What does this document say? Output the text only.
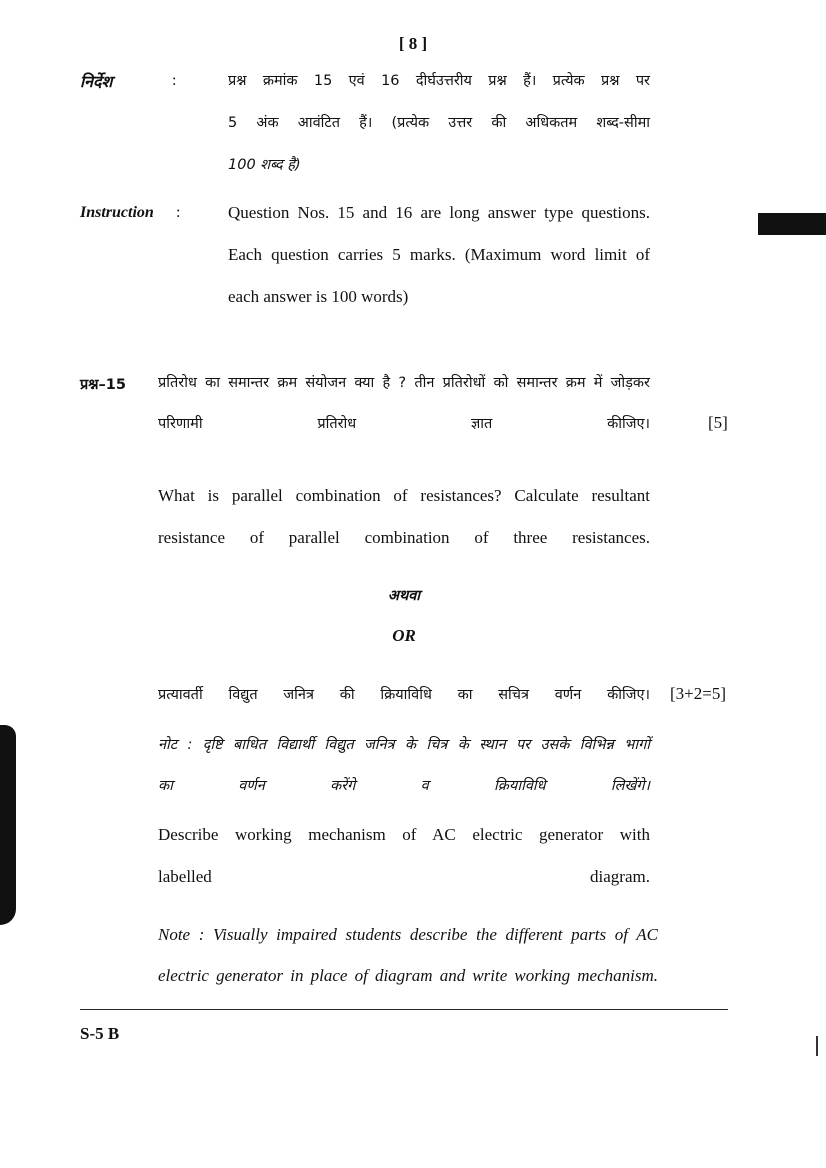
[ 8 ]
निर्देश	:	प्रश्न क्रमांक 15 एवं 16 दीर्घउत्तरीय प्रश्न हैं। प्रत्येक प्रश्न पर
5 अंक आवंटित हैं। (प्रत्येक उत्तर की अधिकतम शब्द-सीमा
100 शब्द है)
Instruction :	Question Nos. 15 and 16 are long answer type questions.
Each question carries 5 marks. (Maximum word limit of
each answer is 100 words)
प्रश्न–15 प्रतिरोध का समान्तर क्रम संयोजन क्या है ? तीन प्रतिरोधों को समान्तर क्रम में जोड़कर
परिणामी प्रतिरोध ज्ञात कीजिए।	[5]
What is parallel combination of resistances? Calculate resultant
resistance of parallel combination of three resistances.
अथवा
OR
प्रत्यावर्ती विद्युत जनित्र की क्रियाविधि का सचित्र वर्णन कीजिए। [3+2=5]
नोट : दृष्टि बाधित विद्यार्थी विद्युत जनित्र के चित्र के स्थान पर उसके विभिन्न भागों
का वर्णन करेंगे व क्रियाविधि लिखेंगे।
Describe working mechanism of AC electric generator with
labelled diagram.
Note : Visually impaired students describe the different parts of AC
electric generator in place of diagram and write working mechanism.
S-5 B
